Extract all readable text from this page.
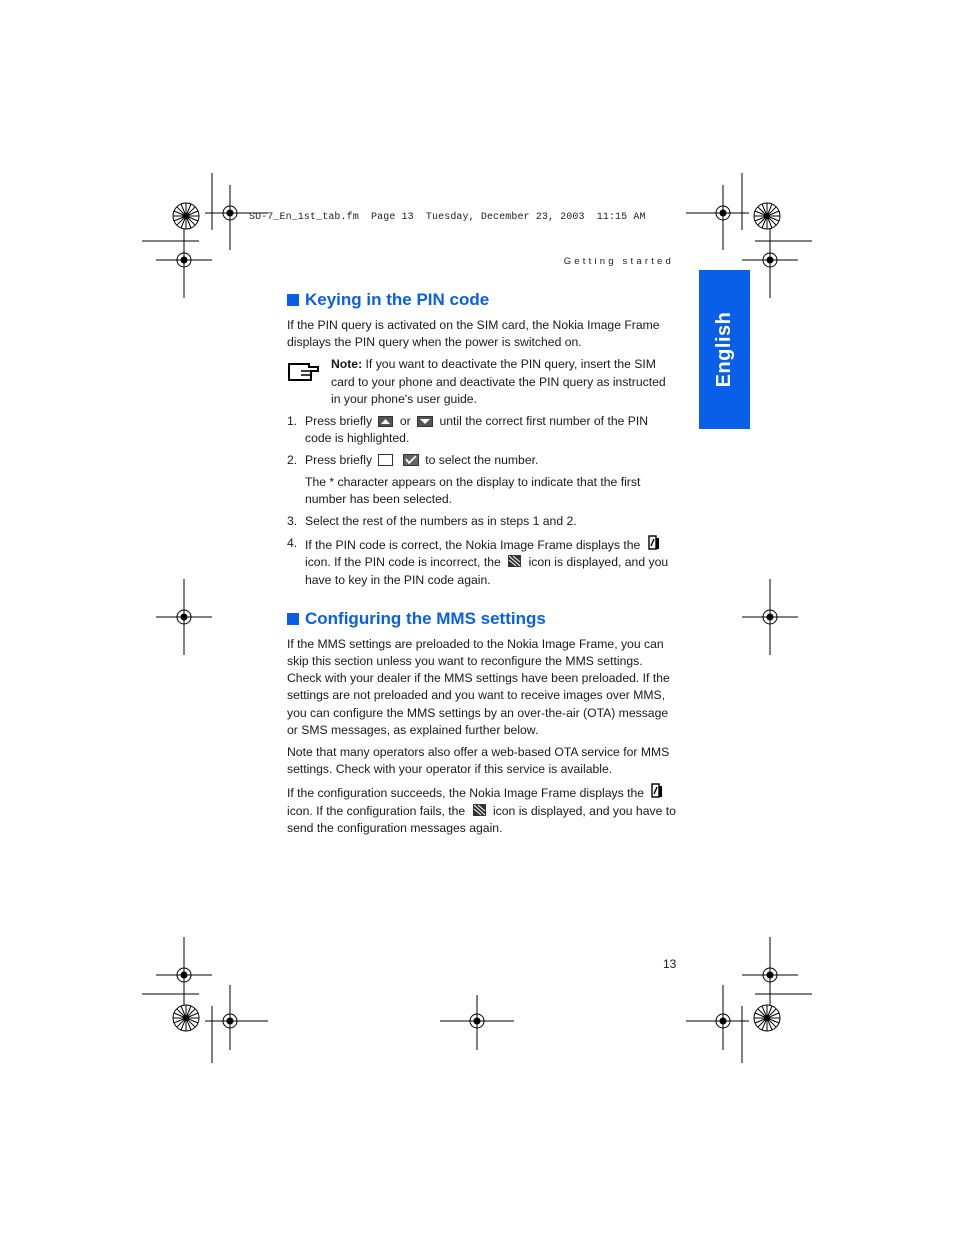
SU-7_En_1st_tab.fm  Page 13  Tuesday, December 23, 2003  11:15 AM
Getting started
English
Keying in the PIN code

If the PIN query is activated on the SIM card, the Nokia Image Frame displays the PIN query when the power is switched on.

Note: If you want to deactivate the PIN query, insert the SIM card to your phone and deactivate the PIN query as instructed in your phone's user guide.
1. Press briefly or until the correct first number of the PIN code is highlighted.
2. Press briefly	to select the number.
The * character appears on the display to indicate that the first number has been selected.
3. Select the rest of the numbers as in steps 1 and 2.
4. If the PIN code is correct, the Nokia Image Frame displays the  icon. If the PIN code is incorrect, the icon is displayed, and you have to key in the PIN code again.
Configuring the MMS settings

If the MMS settings are preloaded to the Nokia Image Frame, you can skip this section unless you want to reconfigure the MMS settings. Check with your dealer if the MMS settings have been preloaded. If the settings are not preloaded and you want to receive images over MMS, you can configure the MMS settings by an over-the-air (OTA) message or SMS messages, as explained further below.

Note that many operators also offer a web-based OTA service for MMS settings. Check with your operator if this service is available.

If the configuration succeeds, the Nokia Image Frame displays the  icon. If the configuration fails, the icon is displayed, and you have to send the configuration messages again.

13
